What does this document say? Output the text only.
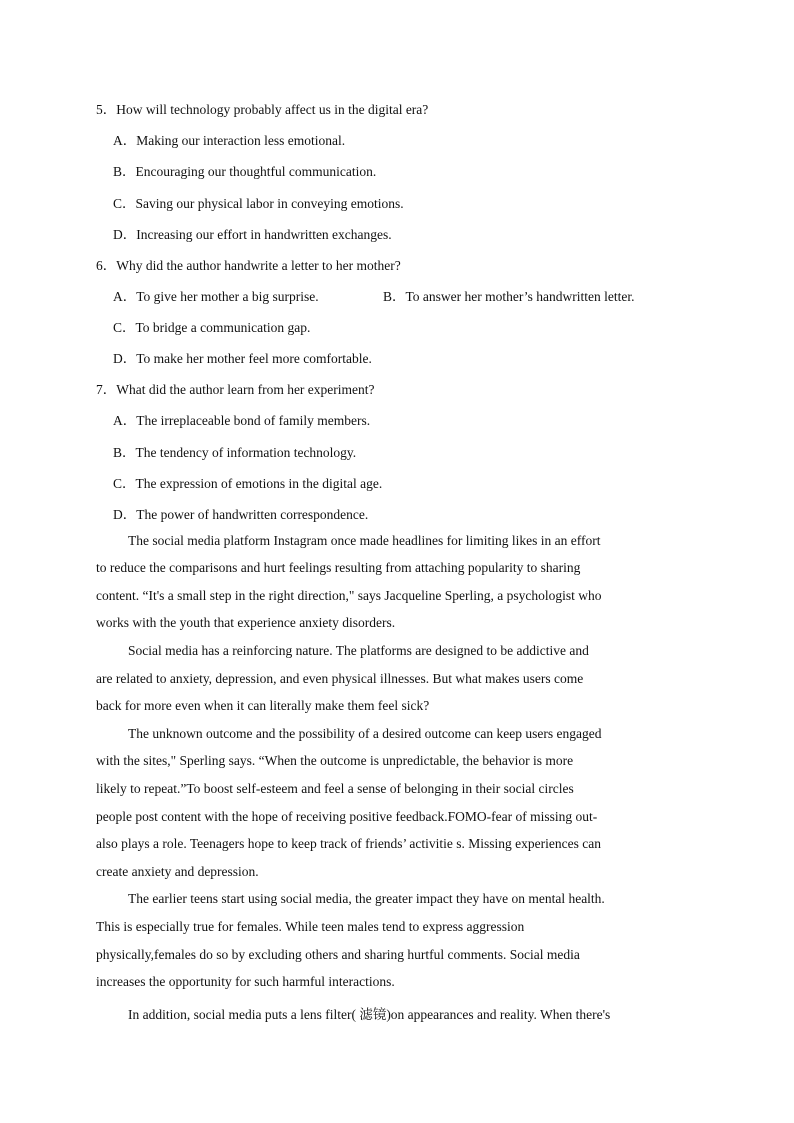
5．How will technology probably affect us in the digital era?
A．Making our interaction less emotional.
B．Encouraging our thoughtful communication.
C．Saving our physical labor in conveying emotions.
D．Increasing our effort in handwritten exchanges.
6．Why did the author handwrite a letter to her mother?
A．To give her mother a big surprise.	B．To answer her mother’s handwritten letter.
C．To bridge a communication gap.
D．To make her mother feel more comfortable.
7．What did the author learn from her experiment?
A．The irreplaceable bond of family members.
B．The tendency of information technology.
C．The expression of emotions in the digital age.
D．The power of handwritten correspondence.
The social media platform Instagram once made headlines for limiting likes in an effort
to reduce the comparisons and hurt feelings resulting from attaching popularity to sharing
content. “It's a small step in the right direction," says Jacqueline Sperling, a psychologist who
works with the youth that experience anxiety disorders.
Social media has a reinforcing nature. The platforms are designed to be addictive and
are related to anxiety, depression, and even physical illnesses. But what makes users come
back for more even when it can literally make them feel sick?
The unknown outcome and the possibility of a desired outcome can keep users engaged
with the sites," Sperling says. “When the outcome is unpredictable, the behavior is more
likely to repeat.”To boost self-esteem and feel a sense of belonging in their social circles
people post content with the hope of receiving positive feedback.FOMO-fear of missing out-
also plays a role. Teenagers hope to keep track of friends’ activitie s. Missing experiences can
create anxiety and depression.
The earlier teens start using social media, the greater impact they have on mental health.
This is especially true for females. While teen males tend to express aggression
physically,females do so by excluding others and sharing hurtful comments. Social media
increases the opportunity for such harmful interactions.
In addition, social media puts a lens filter( 滤镜)on appearances and reality. When there's
